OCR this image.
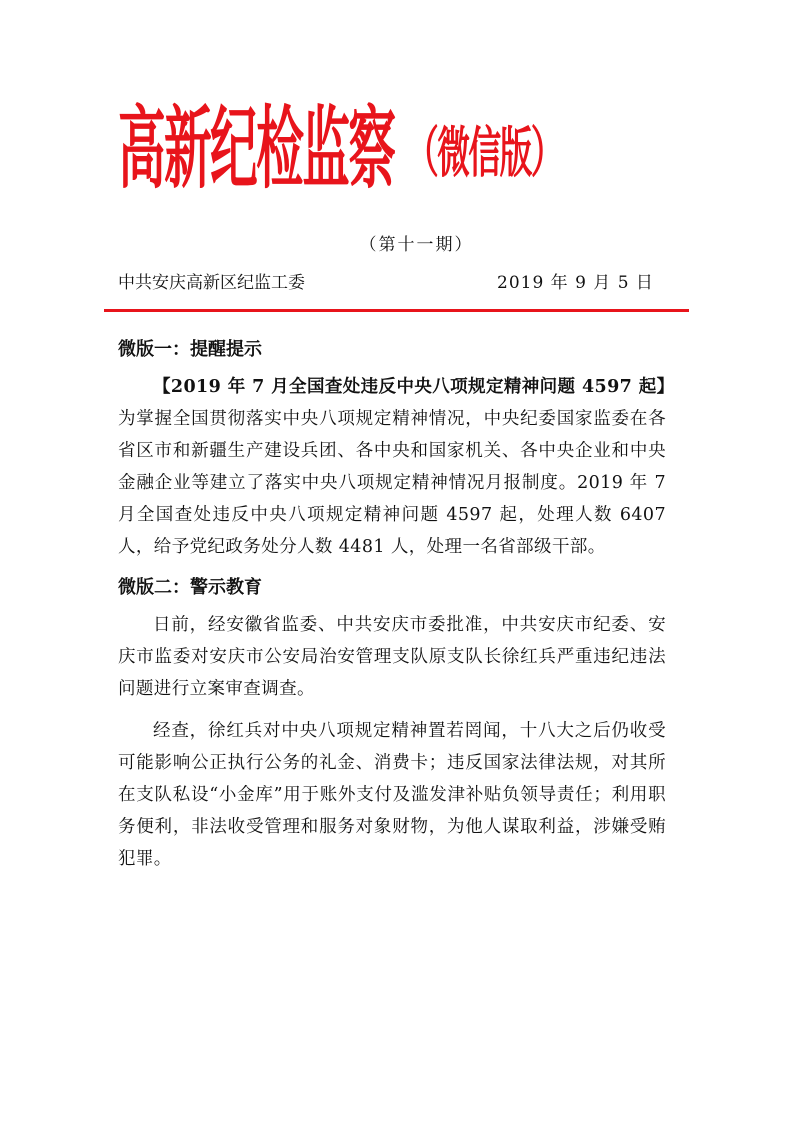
高新纪检监察 （微信版）
（第十一期）
中共安庆高新区纪监工委	2019 年 9 月 5 日
微版一：提醒提示

【2019 年 7 月全国查处违反中央八项规定精神问题 4597 起】为掌握全国贯彻落实中央八项规定精神情况，中央纪委国家监委在各省区市和新疆生产建设兵团、各中央和国家机关、各中央企业和中央金融企业等建立了落实中央八项规定精神情况月报制度。2019 年 7 月全国查处违反中央八项规定精神问题 4597 起，处理人数 6407 人，给予党纪政务处分人数 4481 人，处理一名省部级干部。

微版二：警示教育

日前，经安徽省监委、中共安庆市委批准，中共安庆市纪委、安庆市监委对安庆市公安局治安管理支队原支队长徐红兵严重违纪违法问题进行立案审查调查。

经查，徐红兵对中央八项规定精神置若罔闻，十八大之后仍收受可能影响公正执行公务的礼金、消费卡；违反国家法律法规，对其所在支队私设“小金库”用于账外支付及滥发津补贴负领导责任；利用职务便利，非法收受管理和服务对象财物，为他人谋取利益，涉嫌受贿犯罪。
